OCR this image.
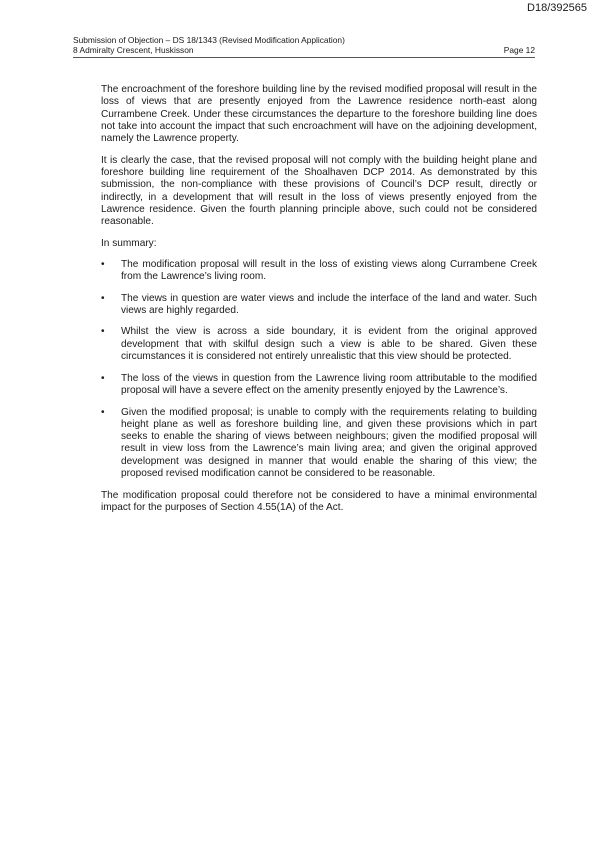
D18/392565
Submission of Objection – DS 18/1343 (Revised Modification Application)
8 Admiralty Crescent, Huskisson	Page 12

The encroachment of the foreshore building line by the revised modified proposal will result in the loss of views that are presently enjoyed from the Lawrence residence north-east along Currambene Creek. Under these circumstances the departure to the foreshore building line does not take into account the impact that such encroachment will have on the adjoining development, namely the Lawrence property.

It is clearly the case, that the revised proposal will not comply with the building height plane and foreshore building line requirement of the Shoalhaven DCP 2014. As demonstrated by this submission, the non-compliance with these provisions of Council’s DCP result, directly or indirectly, in a development that will result in the loss of views presently enjoyed from the Lawrence residence. Given the fourth planning principle above, such could not be considered reasonable.

In summary:

•	The modification proposal will result in the loss of existing views along Currambene Creek from the Lawrence’s living room.
•	The views in question are water views and include the interface of the land and water. Such views are highly regarded.
•	Whilst the view is across a side boundary, it is evident from the original approved development that with skilful design such a view is able to be shared. Given these circumstances it is considered not entirely unrealistic that this view should be protected.
•	The loss of the views in question from the Lawrence living room attributable to the modified proposal will have a severe effect on the amenity presently enjoyed by the Lawrence’s.
•	Given the modified proposal; is unable to comply with the requirements relating to building height plane as well as foreshore building line, and given these provisions which in part seeks to enable the sharing of views between neighbours; given the modified proposal will result in view loss from the Lawrence’s main living area; and given the original approved development was designed in manner that would enable the sharing of this view; the proposed revised modification cannot be considered to be reasonable.

The modification proposal could therefore not be considered to have a minimal environmental impact for the purposes of Section 4.55(1A) of the Act.
